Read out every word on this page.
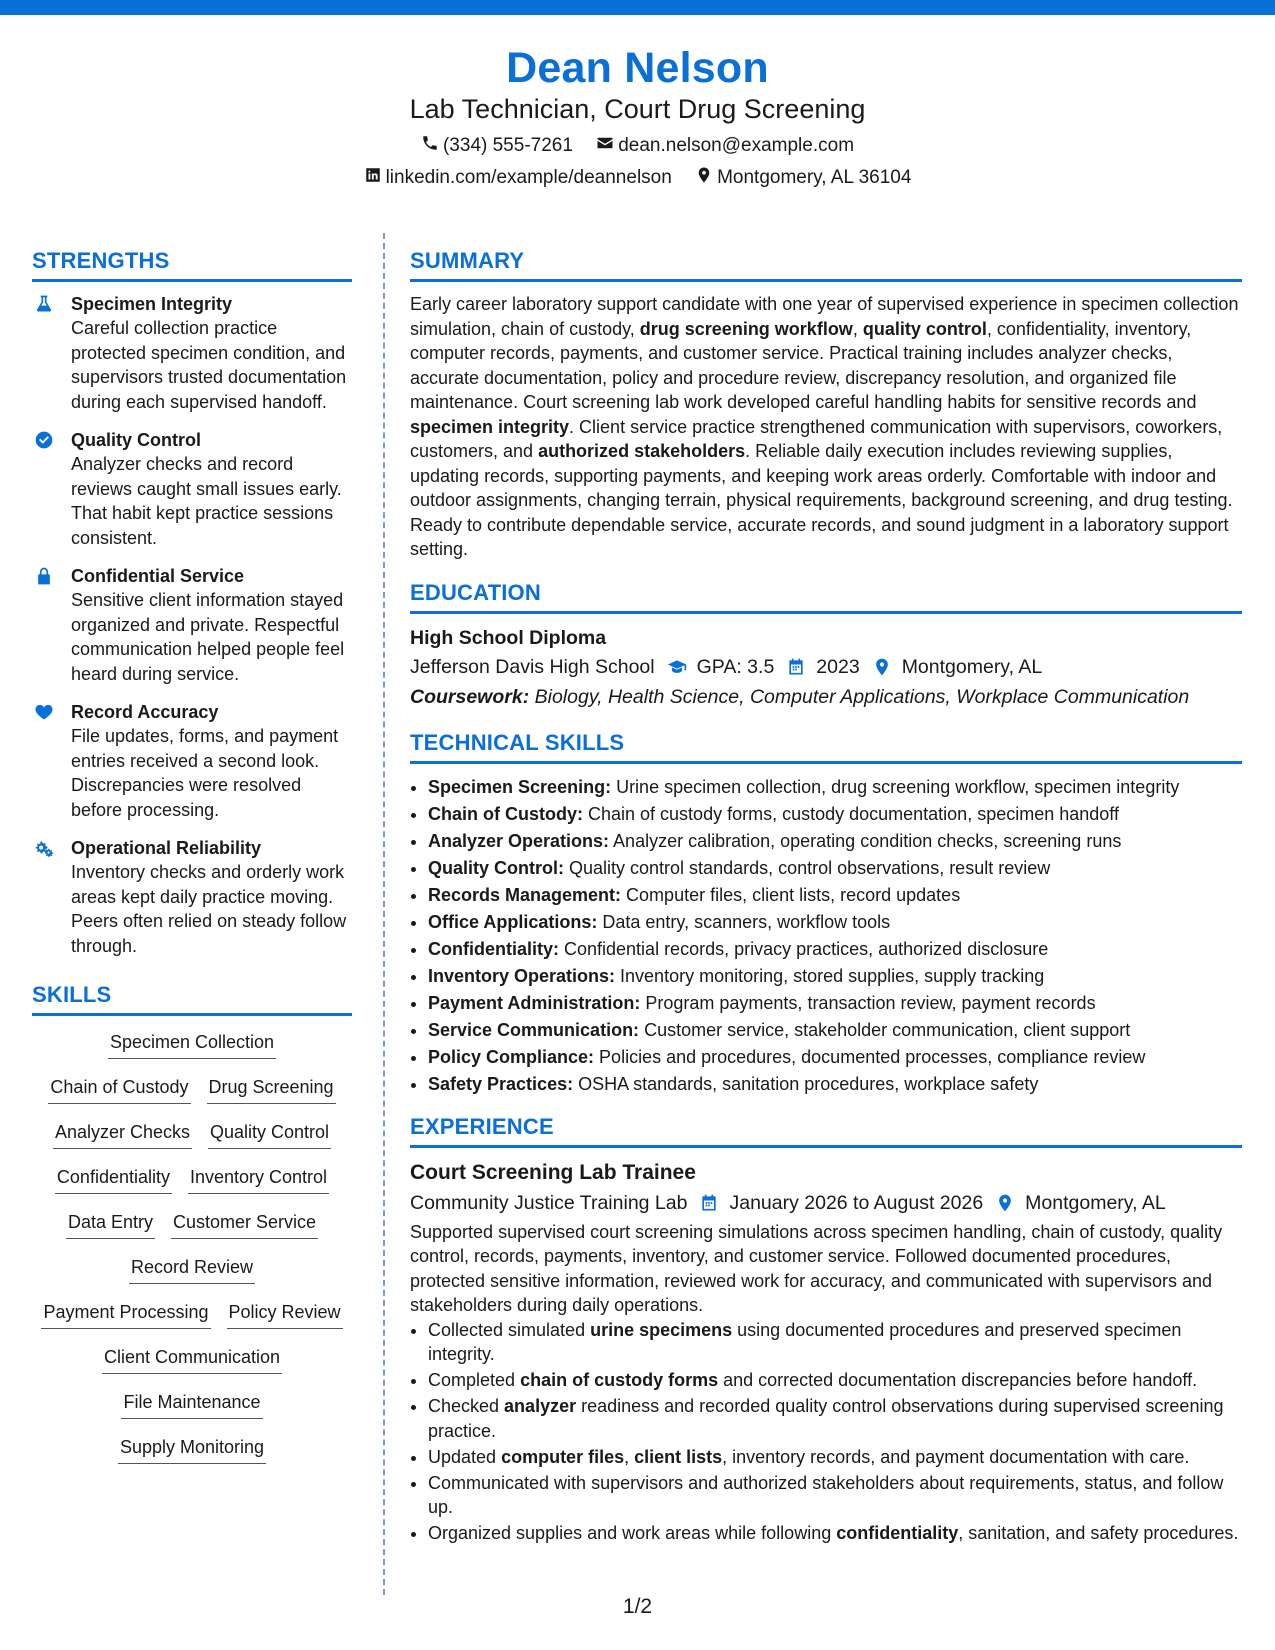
Dean Nelson
Lab Technician, Court Drug Screening
(334) 555-7261
dean.nelson@example.com
linkedin.com/example/deannelson
Montgomery, AL 36104
STRENGTHS
Specimen Integrity
Careful collection practice protected specimen condition, and supervisors trusted documentation during each supervised handoff.
Quality Control
Analyzer checks and record reviews caught small issues early. That habit kept practice sessions consistent.
Confidential Service
Sensitive client information stayed organized and private. Respectful communication helped people feel heard during service.
Record Accuracy
File updates, forms, and payment entries received a second look. Discrepancies were resolved before processing.
Operational Reliability
Inventory checks and orderly work areas kept daily practice moving. Peers often relied on steady follow through.
SKILLS
Specimen Collection
Chain of Custody Drug Screening
Analyzer Checks Quality Control
Confidentiality Inventory Control
Data Entry Customer Service
Record Review
Payment Processing Policy Review
Client Communication
File Maintenance
Supply Monitoring
SUMMARY

Early career laboratory support candidate with one year of supervised experience in specimen collection simulation, chain of custody, drug screening workflow, quality control, confidentiality, inventory, computer records, payments, and customer service. Practical training includes analyzer checks, accurate documentation, policy and procedure review, discrepancy resolution, and organized file maintenance. Court screening lab work developed careful handling habits for sensitive records and specimen integrity. Client service practice strengthened communication with supervisors, coworkers, customers, and authorized stakeholders. Reliable daily execution includes reviewing supplies, updating records, supporting payments, and keeping work areas orderly. Comfortable with indoor and outdoor assignments, changing terrain, physical requirements, background screening, and drug testing. Ready to contribute dependable service, accurate records, and sound judgment in a laboratory support setting.

EDUCATION
High School Diploma
Jefferson Davis High School GPA: 3.5 2023 Montgomery, AL
Coursework: Biology, Health Science, Computer Applications, Workplace Communication
TECHNICAL SKILLS
• Specimen Screening: Urine specimen collection, drug screening workflow, specimen integrity
• Chain of Custody: Chain of custody forms, custody documentation, specimen handoff
• Analyzer Operations: Analyzer calibration, operating condition checks, screening runs
• Quality Control: Quality control standards, control observations, result review
• Records Management: Computer files, client lists, record updates
• Office Applications: Data entry, scanners, workflow tools
• Confidentiality: Confidential records, privacy practices, authorized disclosure
• Inventory Operations: Inventory monitoring, stored supplies, supply tracking
• Payment Administration: Program payments, transaction review, payment records
• Service Communication: Customer service, stakeholder communication, client support
• Policy Compliance: Policies and procedures, documented processes, compliance review
• Safety Practices: OSHA standards, sanitation procedures, workplace safety
EXPERIENCE
Court Screening Lab Trainee
Community Justice Training Lab January 2026 to August 2026 Montgomery, AL

Supported supervised court screening simulations across specimen handling, chain of custody, quality control, records, payments, inventory, and customer service. Followed documented procedures, protected sensitive information, reviewed work for accuracy, and communicated with supervisors and stakeholders during daily operations.

• Collected simulated urine specimens using documented procedures and preserved specimen integrity.
• Completed chain of custody forms and corrected documentation discrepancies before handoff.
• Checked analyzer readiness and recorded quality control observations during supervised screening practice.
• Updated computer files, client lists, inventory records, and payment documentation with care.
• Communicated with supervisors and authorized stakeholders about requirements, status, and follow up.
• Organized supplies and work areas while following confidentiality, sanitation, and safety procedures.
1/2
